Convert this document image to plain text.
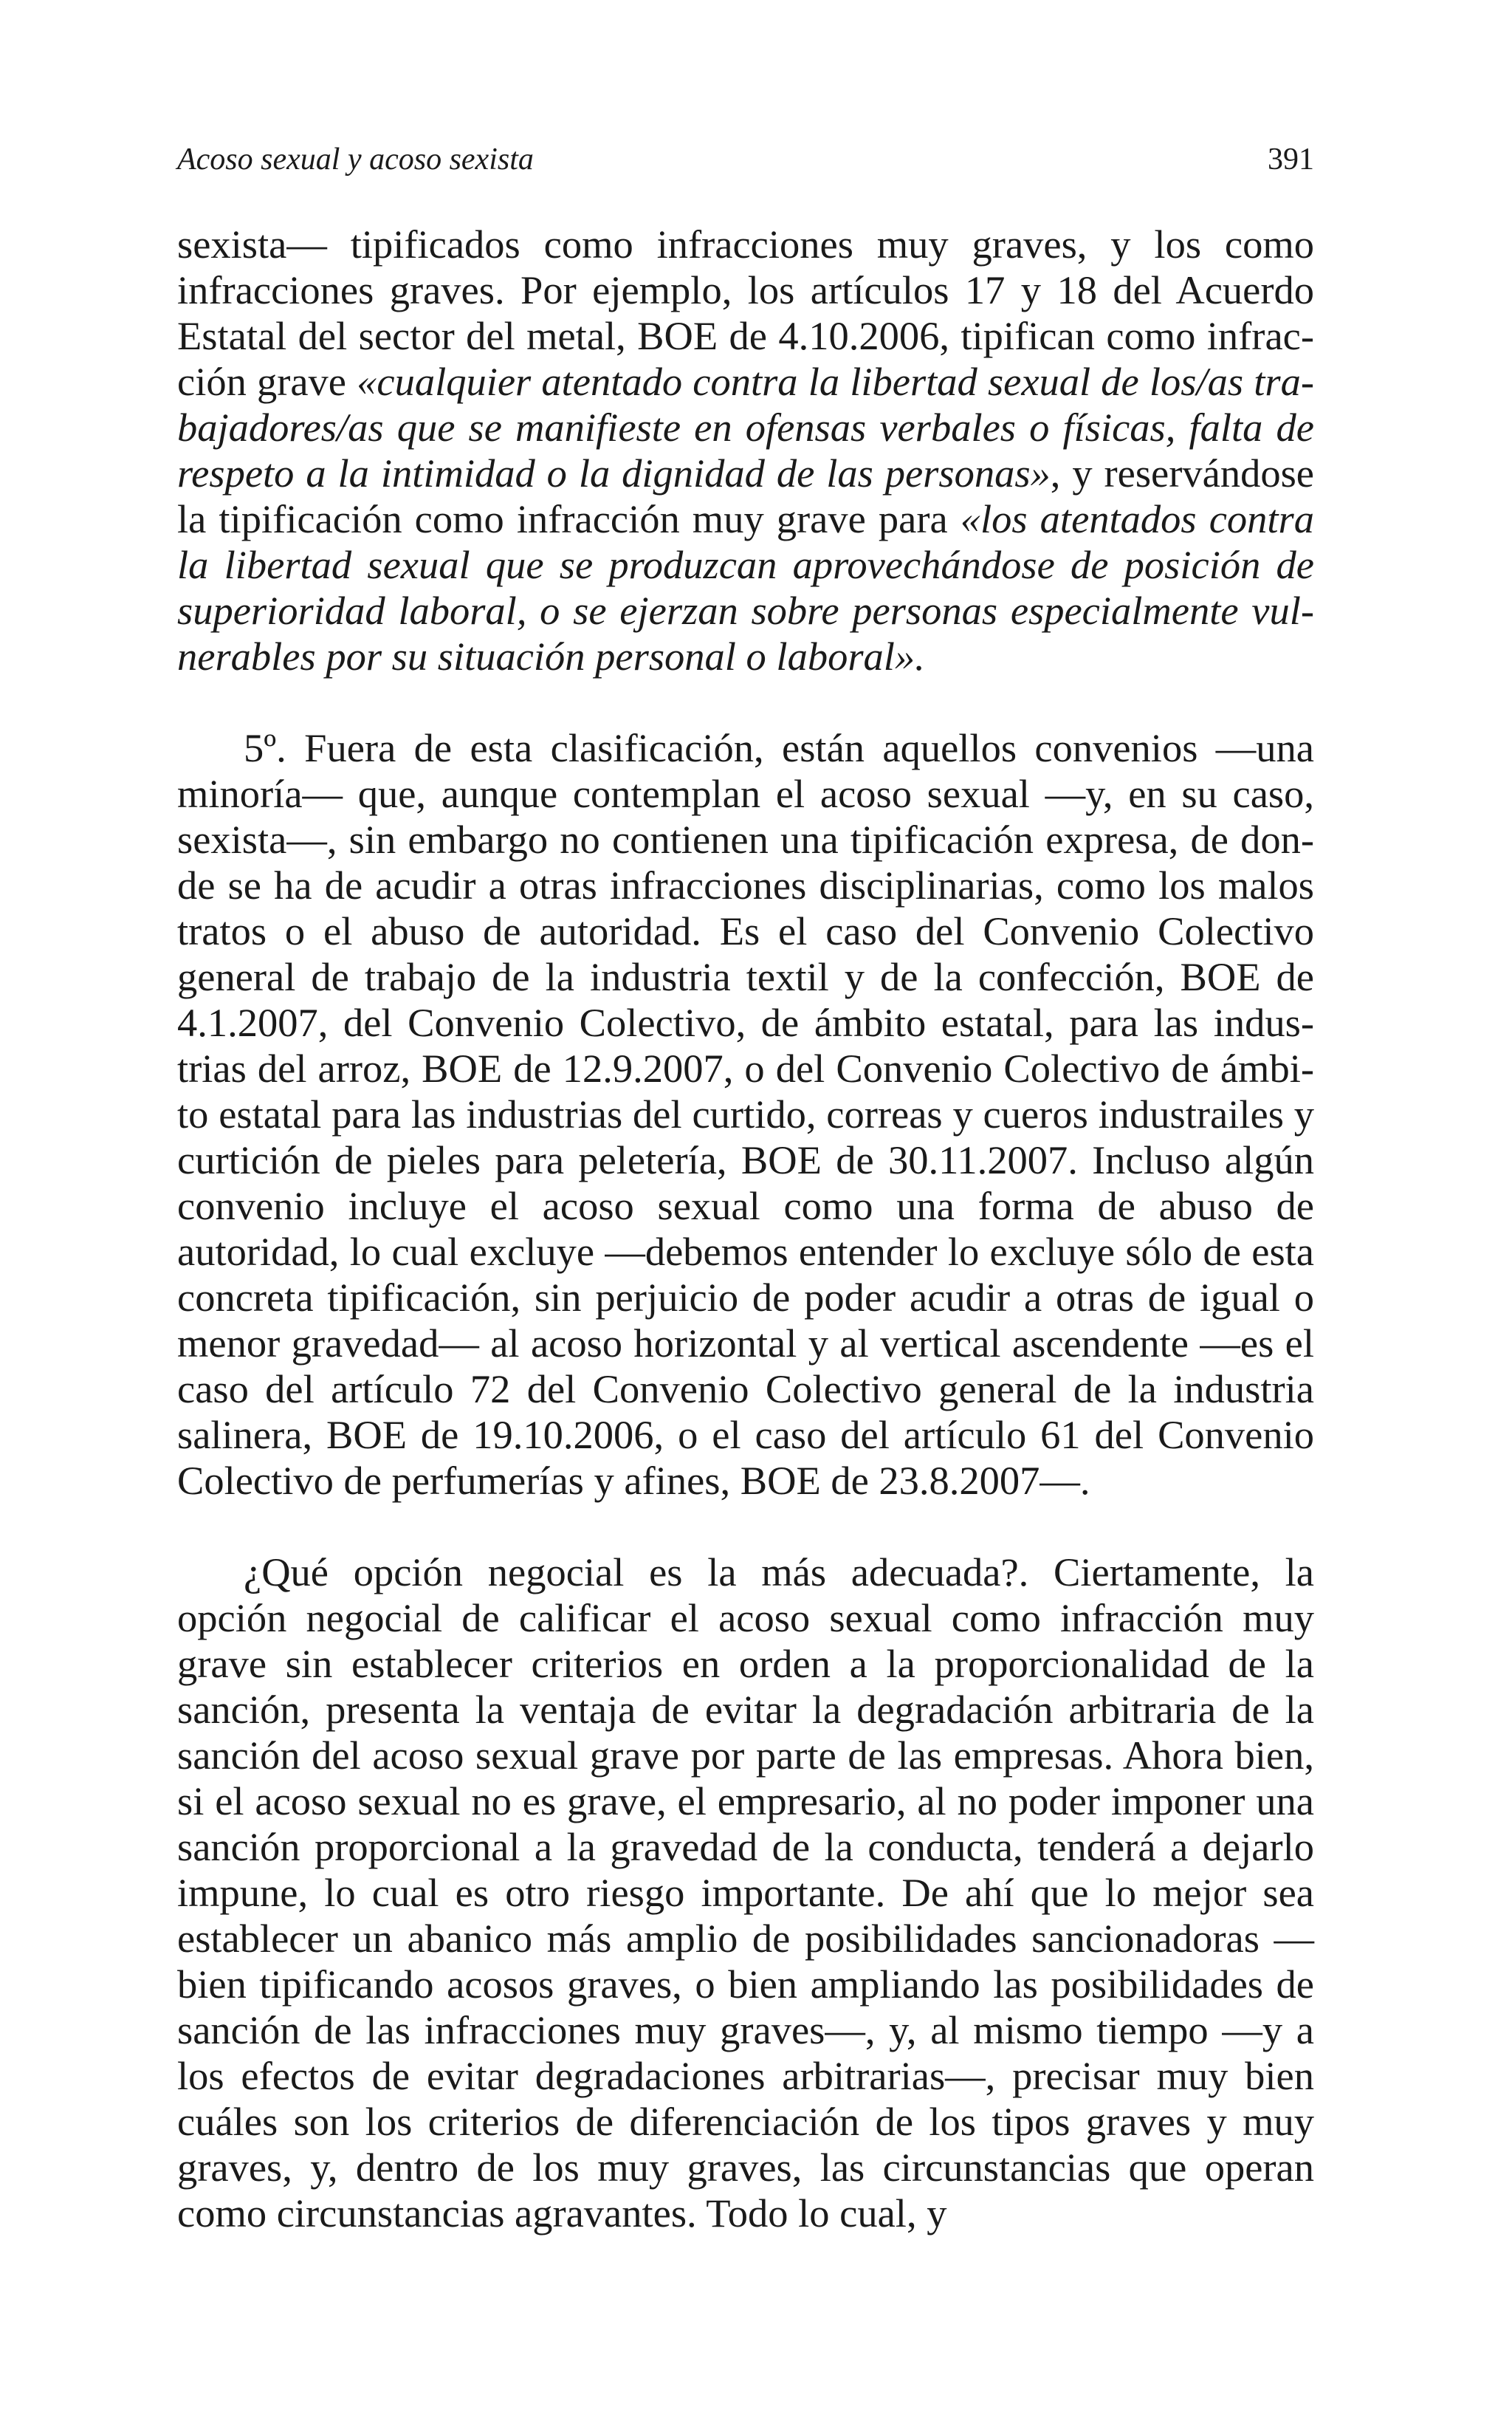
Acoso sexual y acoso sexista	391

sexista— tipificados como infracciones muy graves, y los como infracciones graves. Por ejemplo, los artículos 17 y 18 del Acuerdo Estatal del sector del metal, BOE de 4.10.2006, tipifican como infracción grave «cualquier atentado contra la libertad sexual de los/as trabajadores/as que se manifieste en ofensas verbales o físicas, falta de respeto a la intimidad o la dignidad de las personas», y reservándose la tipificación como infracción muy grave para «los atentados contra la libertad sexual que se produzcan aprovechándose de posición de superioridad laboral, o se ejerzan sobre personas especialmente vulnerables por su situación personal o laboral».

5º. Fuera de esta clasificación, están aquellos convenios —una minoría— que, aunque contemplan el acoso sexual —y, en su caso, sexista—, sin embargo no contienen una tipificación expresa, de donde se ha de acudir a otras infracciones disciplinarias, como los malos tratos o el abuso de autoridad. Es el caso del Convenio Colectivo general de trabajo de la industria textil y de la confección, BOE de 4.1.2007, del Convenio Colectivo, de ámbito estatal, para las industrias del arroz, BOE de 12.9.2007, o del Convenio Colectivo de ámbito estatal para las industrias del curtido, correas y cueros industrailes y curtición de pieles para peletería, BOE de 30.11.2007. Incluso algún convenio incluye el acoso sexual como una forma de abuso de autoridad, lo cual excluye —debemos entender lo excluye sólo de esta concreta tipificación, sin perjuicio de poder acudir a otras de igual o menor gravedad— al acoso horizontal y al vertical ascendente —es el caso del artículo 72 del Convenio Colectivo general de la industria salinera, BOE de 19.10.2006, o el caso del artículo 61 del Convenio Colectivo de perfumerías y afines, BOE de 23.8.2007—.

¿Qué opción negocial es la más adecuada?. Ciertamente, la opción negocial de calificar el acoso sexual como infracción muy grave sin establecer criterios en orden a la proporcionalidad de la sanción, presenta la ventaja de evitar la degradación arbitraria de la sanción del acoso sexual grave por parte de las empresas. Ahora bien, si el acoso sexual no es grave, el empresario, al no poder imponer una sanción proporcional a la gravedad de la conducta, tenderá a dejarlo impune, lo cual es otro riesgo importante. De ahí que lo mejor sea establecer un abanico más amplio de posibilidades sancionadoras —bien tipificando acosos graves, o bien ampliando las posibilidades de sanción de las infracciones muy graves—, y, al mismo tiempo —y a los efectos de evitar degradaciones arbitrarias—, precisar muy bien cuáles son los criterios de diferenciación de los tipos graves y muy graves, y, dentro de los muy graves, las circunstancias que operan como circunstancias agravantes. Todo lo cual, y
